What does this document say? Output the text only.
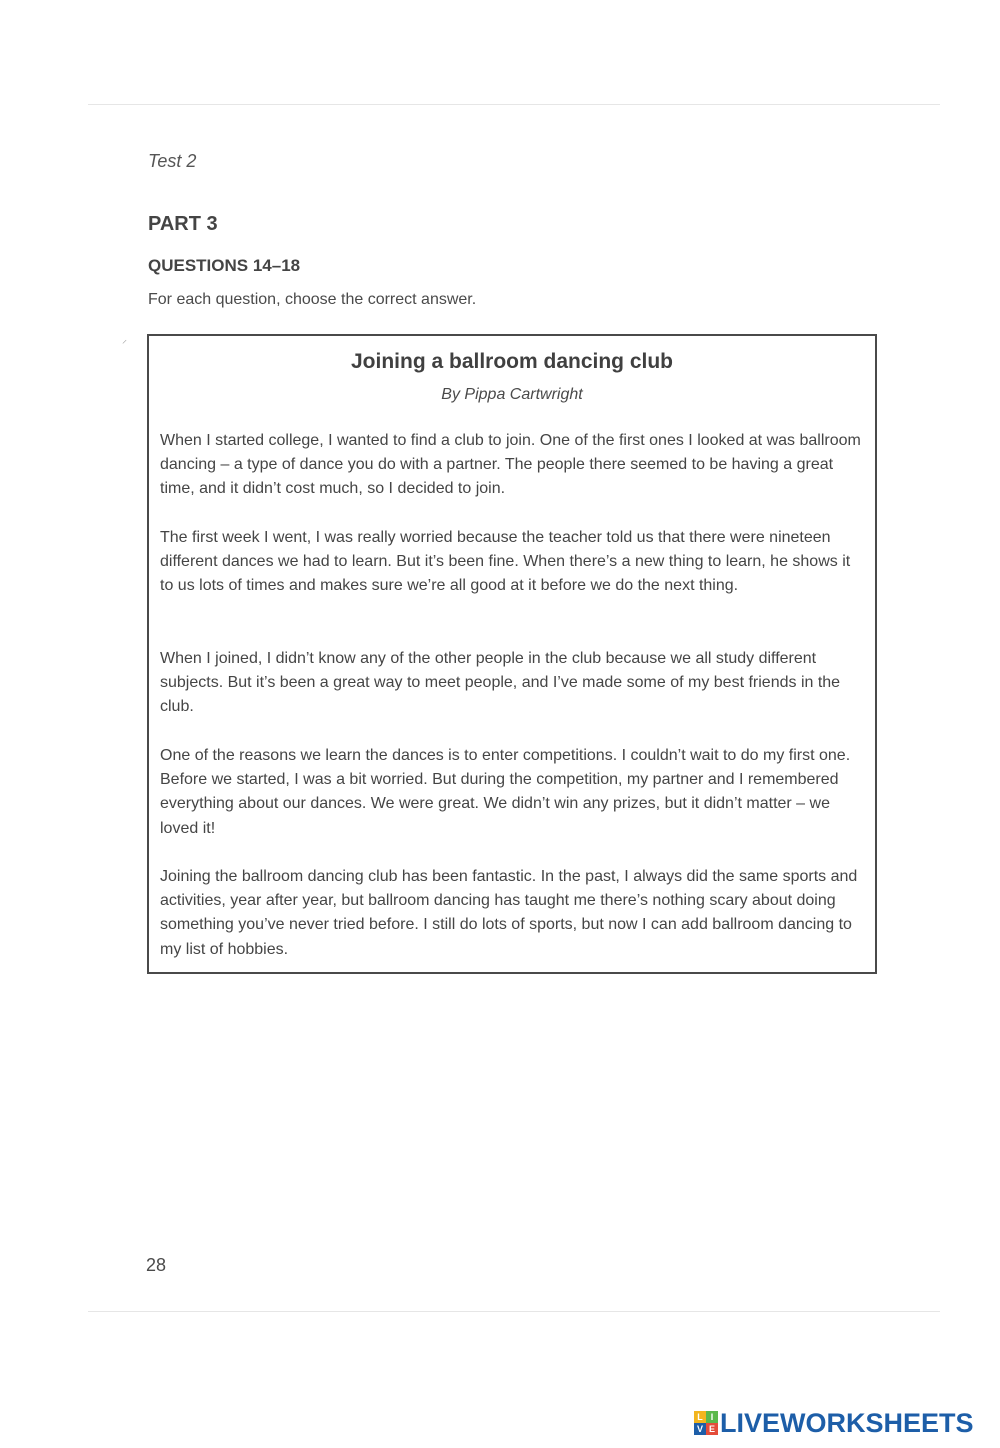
Test 2
PART 3
QUESTIONS 14–18
For each question, choose the correct answer.
⸍
Joining a ballroom dancing club
By Pippa Cartwright
When I started college, I wanted to find a club to join. One of the first ones I looked at was ballroom dancing – a type of dance you do with a partner. The people there seemed to be having a great time, and it didn’t cost much, so I decided to join.
The first week I went, I was really worried because the teacher told us that there were nineteen different dances we had to learn. But it’s been fine. When there’s a new thing to learn, he shows it to us lots of times and makes sure we’re all good at it before we do the next thing.
When I joined, I didn’t know any of the other people in the club because we all study different subjects. But it’s been a great way to meet people, and I’ve made some of my best friends in the club.
One of the reasons we learn the dances is to enter competitions. I couldn’t wait to do my first one. Before we started, I was a bit worried. But during the competition, my partner and I remembered everything about our dances. We were great. We didn’t win any prizes, but it didn’t matter – we loved it!
Joining the ballroom dancing club has been fantastic. In the past, I always did the same sports and activities, year after year, but ballroom dancing has taught me there’s nothing scary about doing something you’ve never tried before. I still do lots of sports, but now I can add ballroom dancing to my list of hobbies.
28
L I
V E LIVEWORKSHEETS
